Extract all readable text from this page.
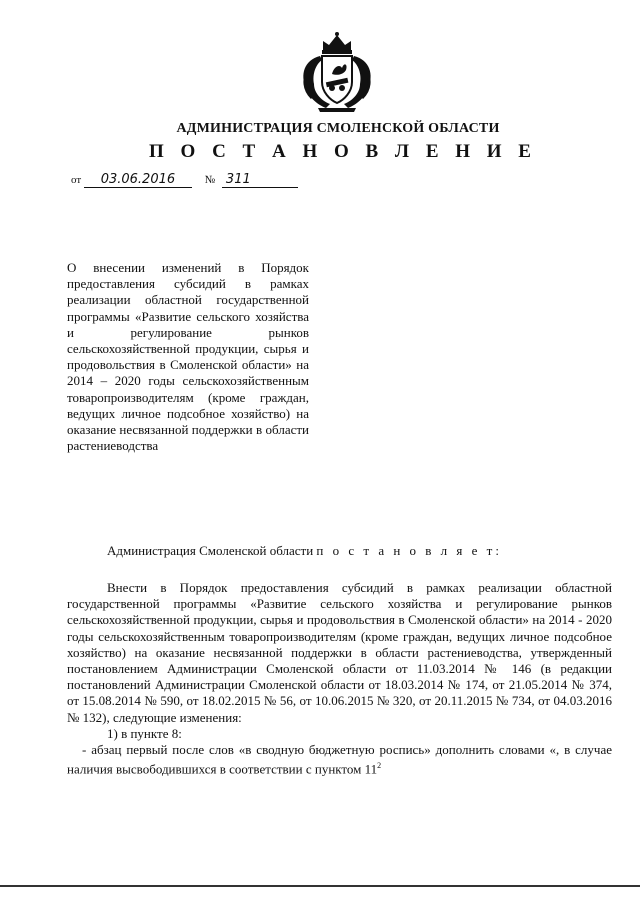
АДМИНИСТРАЦИЯ СМОЛЕНСКОЙ ОБЛАСТИ
П О С Т А Н О В Л Е Н И Е
от 03.06.2016	№ 311

О внесении изменений в Порядок предоставления субсидий в рамках реализации областной государственной программы «Развитие сельского хозяйства и регулирование рынков сельскохозяйственной продукции, сырья и продовольствия в Смоленской области» на 2014 – 2020 годы сельскохозяйственным товаропроизводителям (кроме граждан, ведущих личное подсобное хозяйство) на оказание несвязанной поддержки в области растениеводства

Администрация Смоленской области п о с т а н о в л я е т:

Внести в Порядок предоставления субсидий в рамках реализации областной государственной программы «Развитие сельского хозяйства и регулирование рынков сельскохозяйственной продукции, сырья и продовольствия в Смоленской области» на 2014 - 2020 годы сельскохозяйственным товаропроизводителям (кроме граждан, ведущих личное подсобное хозяйство) на оказание несвязанной поддержки в области растениеводства, утвержденный постановлением Администрации Смоленской области от 11.03.2014 № 146 (в редакции постановлений Администрации Смоленской области от 18.03.2014 № 174, от 21.05.2014 № 374, от 15.08.2014 № 590, от 18.02.2015 № 56, от 10.06.2015 № 320, от 20.11.2015 № 734, от 04.03.2016 № 132), следующие изменения:

1) в пункте 8:

- абзац первый после слов «в сводную бюджетную роспись» дополнить словами «, в случае наличия высвободившихся в соответствии с пунктом $11^2$
